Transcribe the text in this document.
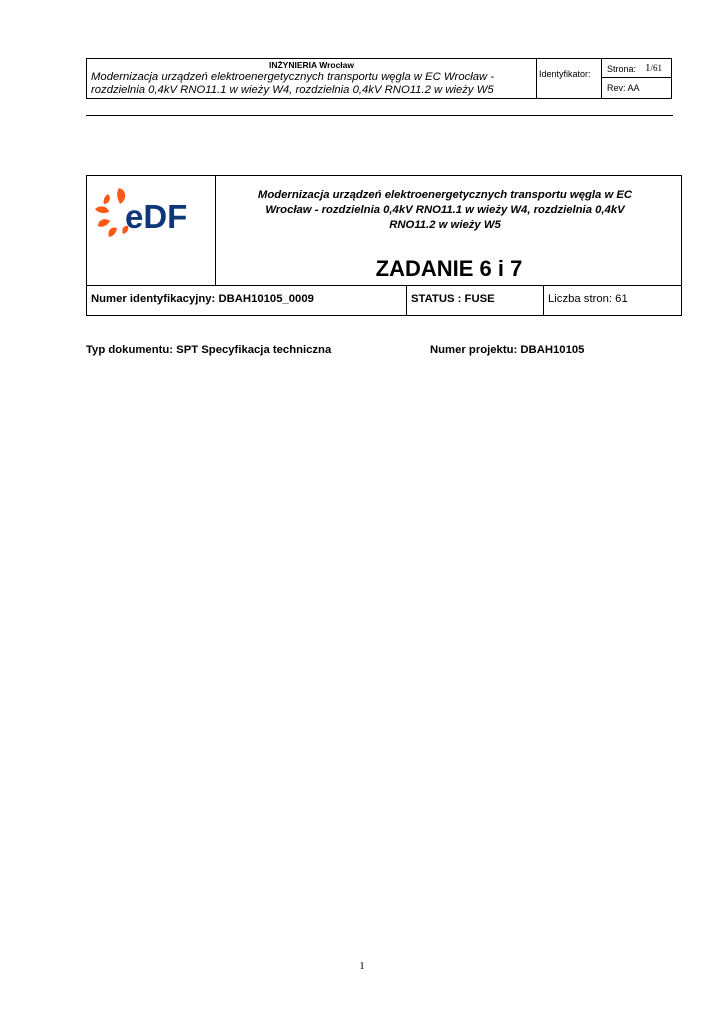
INŻYNIERIA Wrocław
Modernizacja urządzeń elektroenergetycznych transportu węgla w EC Wrocław -
rozdzielnia 0,4kV RNO11.1 w wieży W4, rozdzielnia 0,4kV RNO11.2 w wieży W5
Identyfikator: Strona: 1/61
Rev: AA
eDF
Modernizacja urządzeń elektroenergetycznych transportu węgla w EC
Wrocław - rozdzielnia 0,4kV RNO11.1 w wieży W4, rozdzielnia 0,4kV
RNO11.2 w wieży W5
ZADANIE 6 i 7
Numer identyfikacyjny: DBAH10105_0009	STATUS : FUSE	Liczba stron: 61
Typ dokumentu: SPT Specyfikacja techniczna	Numer projektu: DBAH10105
1
